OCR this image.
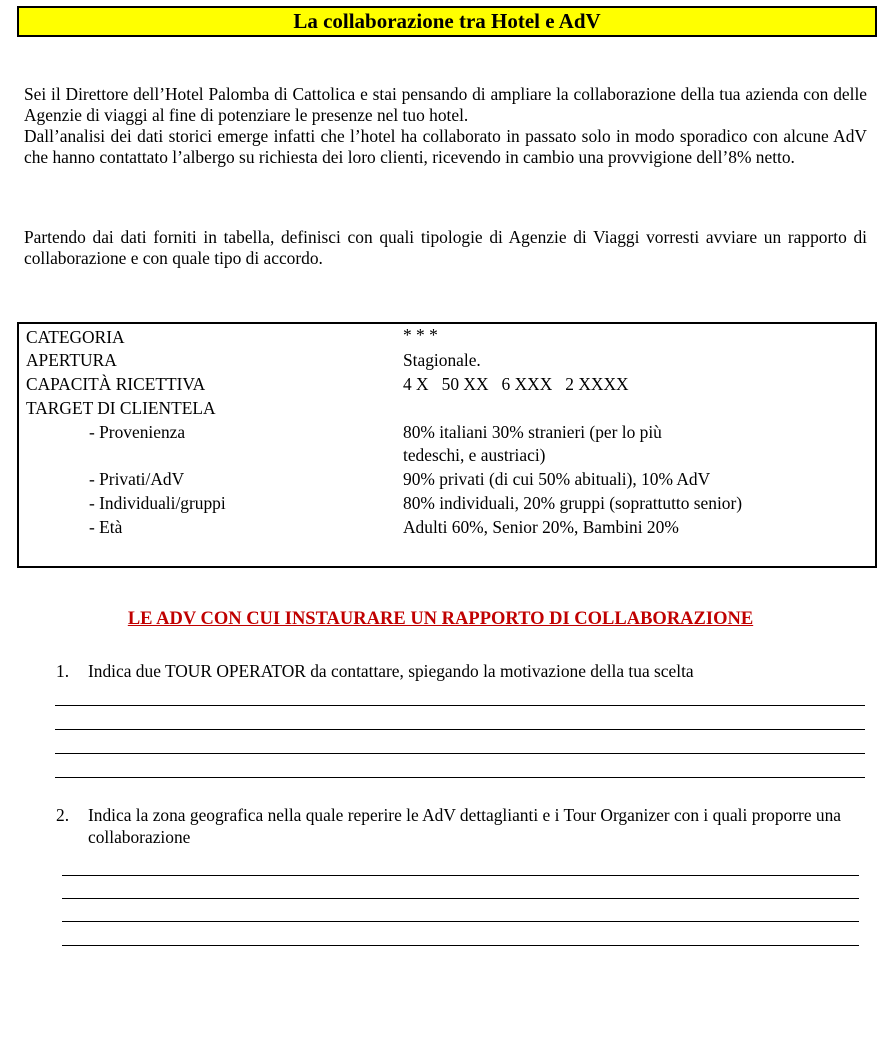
La collaborazione tra Hotel e AdV

Sei il Direttore dell’Hotel Palomba di Cattolica e stai pensando di ampliare la collaborazione della tua azienda con delle Agenzie di viaggi al fine di potenziare le presenze nel tuo hotel.

Dall’analisi dei dati storici emerge infatti che l’hotel ha collaborato in passato solo in modo sporadico con alcune AdV che hanno contattato l’albergo su richiesta dei loro clienti, ricevendo in cambio una provvigione dell’8% netto.

Partendo dai dati forniti in tabella, definisci con quali tipologie di Agenzie di Viaggi vorresti avviare un rapporto di collaborazione e con quale tipo di accordo.

CATEGORIA	* * *
APERTURA	Stagionale.
CAPACITÀ RICETTIVA	4 X   50 XX   6 XXX   2 XXXX
TARGET DI CLIENTELA
- Provenienza	80% italiani 30% stranieri (per lo più
tedeschi, e austriaci)
- Privati/AdV	90% privati (di cui 50% abituali), 10% AdV
- Individuali/gruppi	80% individuali, 20% gruppi (soprattutto senior)
- Età	Adulti 60%, Senior 20%, Bambini 20%
LE ADV CON CUI INSTAURARE UN RAPPORTO DI COLLABORAZIONE
1. Indica due TOUR OPERATOR da contattare, spiegando la motivazione della tua scelta
2. Indica la zona geografica nella quale reperire le AdV dettaglianti e i Tour Organizer con i quali proporre una collaborazione
